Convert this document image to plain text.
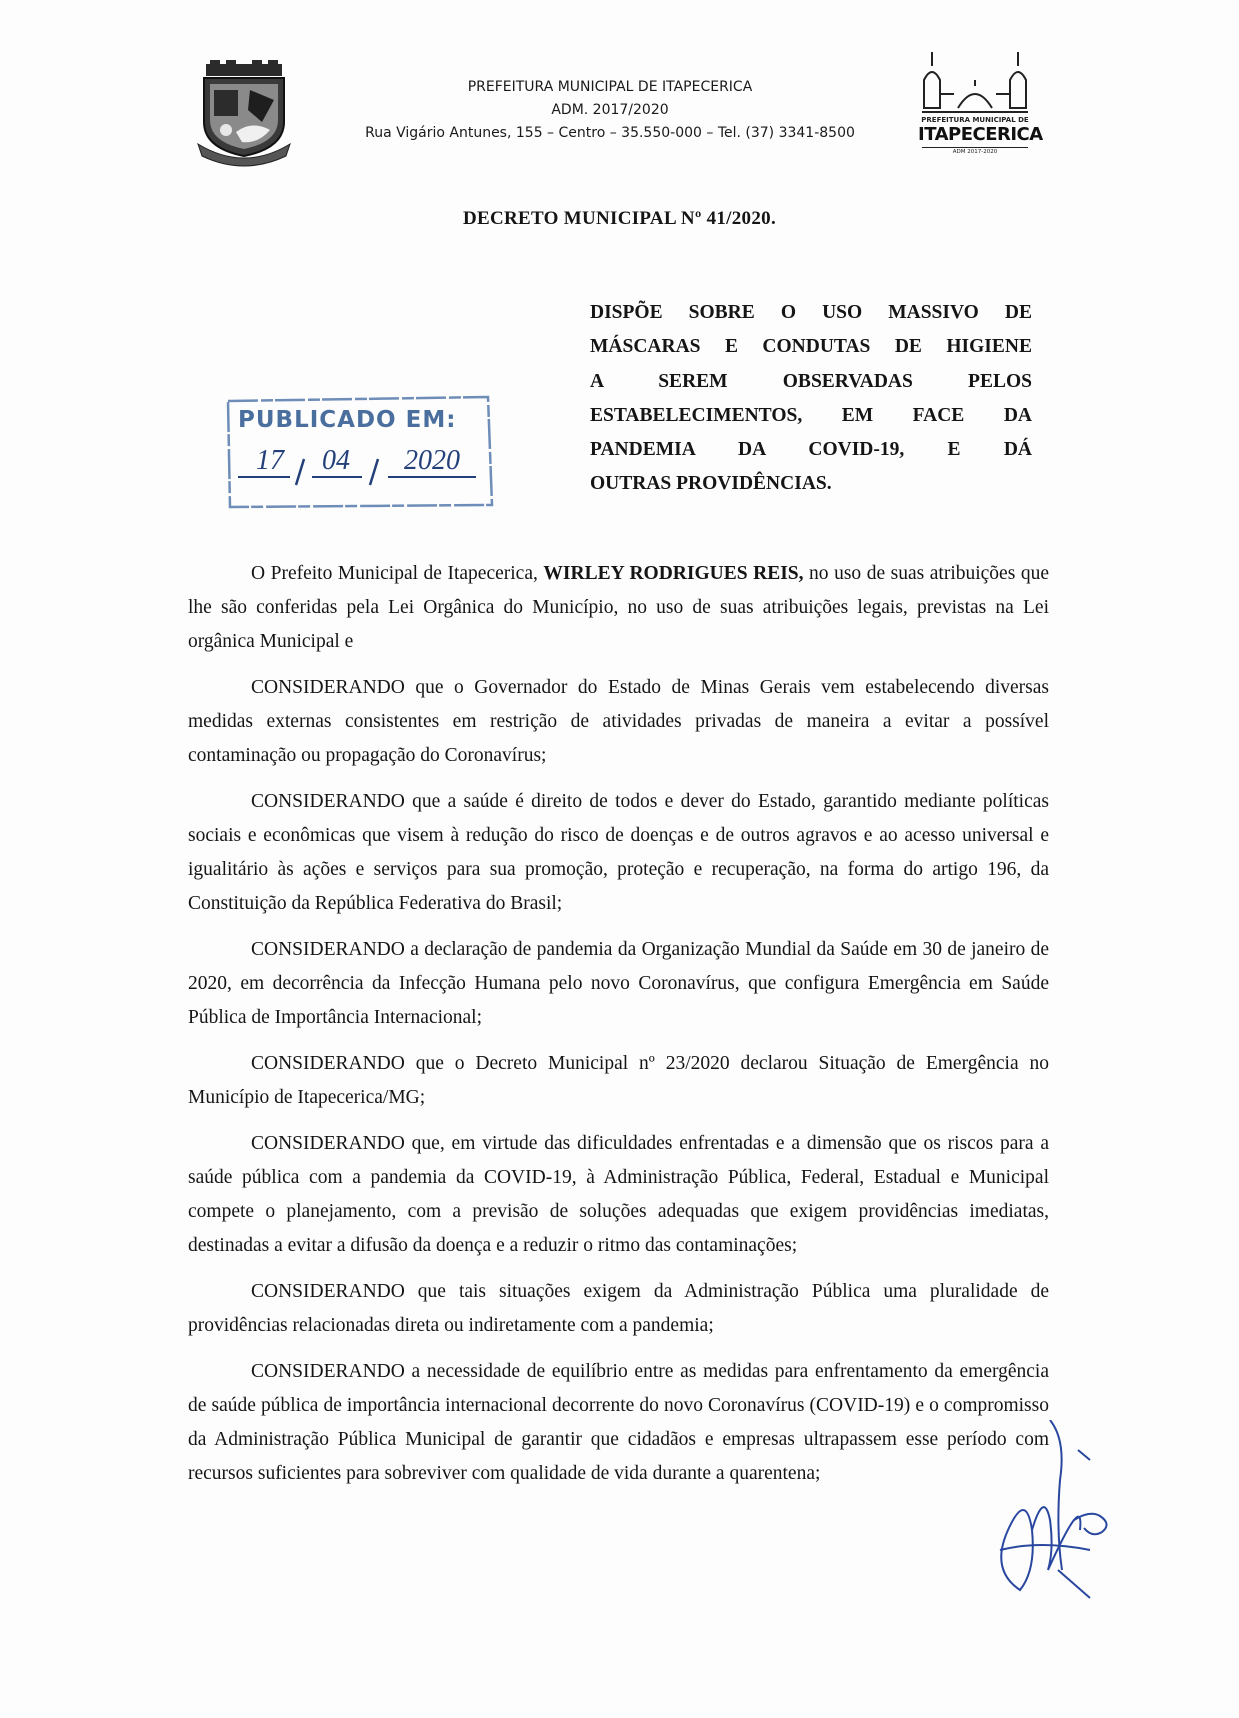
PREFEITURA MUNICIPAL DE ITAPECERICA
ADM. 2017/2020
Rua Vigário Antunes, 155 – Centro – 35.550-000 – Tel. (37) 3341-8500
PREFEITURA MUNICIPAL DE
ITAPECERICA
ADM 2017-2020
DECRETO MUNICIPAL Nº 41/2020.
DISPÕE SOBRE O USO MASSIVO DE
MÁSCARAS E CONDUTAS DE HIGIENE
A SEREM OBSERVADAS PELOS
ESTABELECIMENTOS, EM FACE DA
PANDEMIA DA COVID-19, E DÁ
OUTRAS PROVIDÊNCIAS.
PUBLICADO EM:
17 04 2020

O Prefeito Municipal de Itapecerica, WIRLEY RODRIGUES REIS, no uso de suas atribuições que lhe são conferidas pela Lei Orgânica do Município, no uso de suas atribuições legais, previstas na Lei orgânica Municipal e

CONSIDERANDO que o Governador do Estado de Minas Gerais vem estabelecendo diversas medidas externas consistentes em restrição de atividades privadas de maneira a evitar a possível contaminação ou propagação do Coronavírus;

CONSIDERANDO que a saúde é direito de todos e dever do Estado, garantido mediante políticas sociais e econômicas que visem à redução do risco de doenças e de outros agravos e ao acesso universal e igualitário às ações e serviços para sua promoção, proteção e recuperação, na forma do artigo 196, da Constituição da República Federativa do Brasil;

CONSIDERANDO a declaração de pandemia da Organização Mundial da Saúde em 30 de janeiro de 2020, em decorrência da Infecção Humana pelo novo Coronavírus, que configura Emergência em Saúde Pública de Importância Internacional;

CONSIDERANDO que o Decreto Municipal nº 23/2020 declarou Situação de Emergência no Município de Itapecerica/MG;

CONSIDERANDO que, em virtude das dificuldades enfrentadas e a dimensão que os riscos para a saúde pública com a pandemia da COVID-19, à Administração Pública, Federal, Estadual e Municipal compete o planejamento, com a previsão de soluções adequadas que exigem providências imediatas, destinadas a evitar a difusão da doença e a reduzir o ritmo das contaminações;

CONSIDERANDO que tais situações exigem da Administração Pública uma pluralidade de providências relacionadas direta ou indiretamente com a pandemia;

CONSIDERANDO a necessidade de equilíbrio entre as medidas para enfrentamento da emergência de saúde pública de importância internacional decorrente do novo Coronavírus (COVID-19) e o compromisso da Administração Pública Municipal de garantir que cidadãos e empresas ultrapassem esse período com recursos suficientes para sobreviver com qualidade de vida durante a quarentena;
